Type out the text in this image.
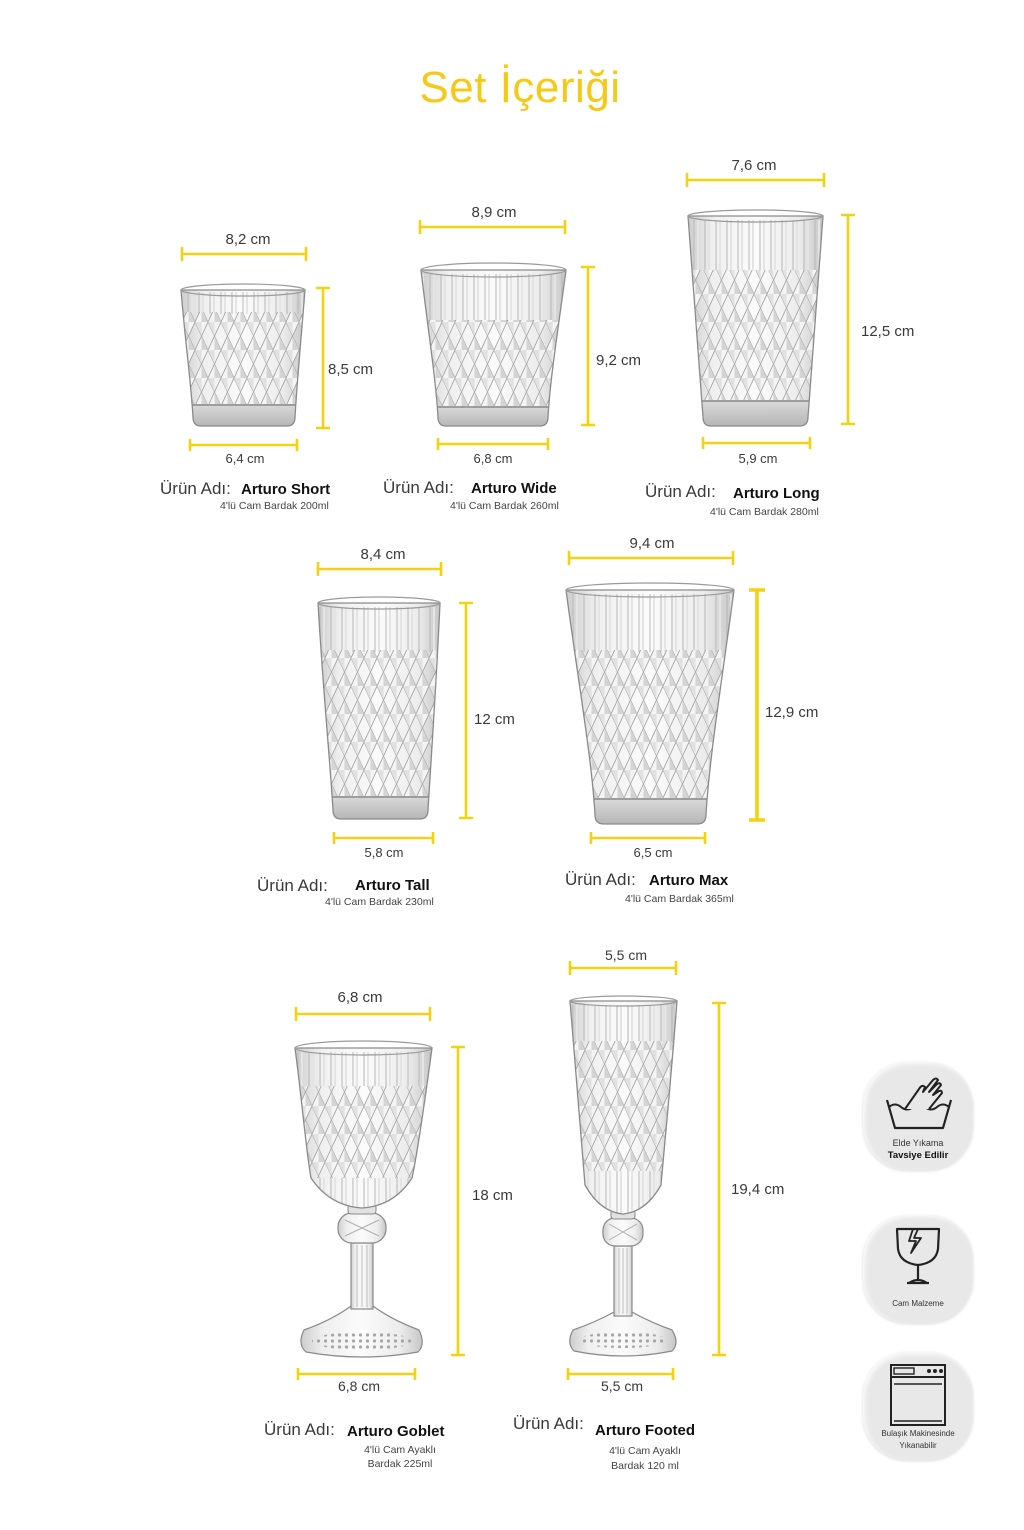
8,2 cm
8,5 cm
6,4 cm
8,9 cm
9,2 cm
6,8 cm
7,6 cm
12,5 cm
5,9 cm
8,4 cm
12 cm
5,8 cm
9,4 cm
12,9 cm
6,5 cm
6,8 cm
18 cm
6,8 cm
5,5 cm
19,4 cm
5,5 cm
Set İçeriği
Ürün Adı: Arturo Short
4'lü Cam Bardak 200ml
Ürün Adı: Arturo Wide
4'lü Cam Bardak 260ml
Ürün Adı: Arturo Long
4'lü Cam Bardak 280ml
Ürün Adı: Arturo Tall
4'lü Cam Bardak 230ml
Ürün Adı: Arturo Max
4'lü Cam Bardak 365ml
Ürün Adı: Arturo Goblet
4'lü Cam Ayaklı
Bardak 225ml
Ürün Adı: Arturo Footed
4'lü Cam Ayaklı
Bardak 120 ml
Elde Yıkama
Tavsiye Edilir
Cam Malzeme
Bulaşık Makinesinde
Yıkanabilir
